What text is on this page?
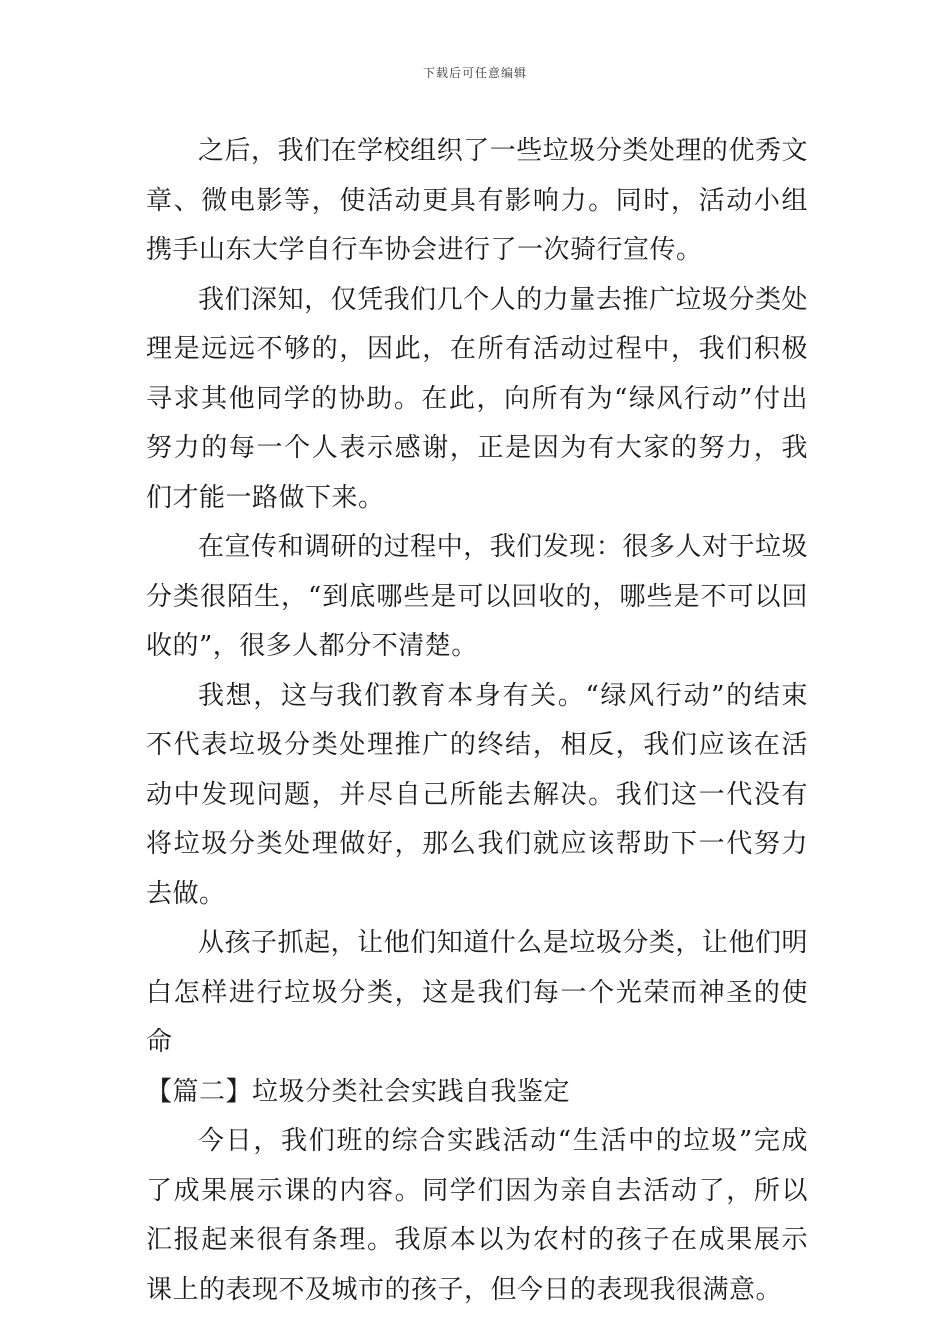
下载后可任意编辑

之后，我们在学校组织了一些垃圾分类处理的优秀文章、微电影等，使活动更具有影响力。同时，活动小组携手山东大学自行车协会进行了一次骑行宣传。

我们深知，仅凭我们几个人的力量去推广垃圾分类处理是远远不够的，因此，在所有活动过程中，我们积极寻求其他同学的协助。在此，向所有为“绿风行动”付出努力的每一个人表示感谢，正是因为有大家的努力，我们才能一路做下来。

在宣传和调研的过程中，我们发现：很多人对于垃圾分类很陌生，“到底哪些是可以回收的，哪些是不可以回收的”，很多人都分不清楚。

我想，这与我们教育本身有关。“绿风行动”的结束不代表垃圾分类处理推广的终结，相反，我们应该在活动中发现问题，并尽自己所能去解决。我们这一代没有将垃圾分类处理做好，那么我们就应该帮助下一代努力去做。

从孩子抓起，让他们知道什么是垃圾分类，让他们明白怎样进行垃圾分类，这是我们每一个光荣而神圣的使命

【篇二】垃圾分类社会实践自我鉴定

今日，我们班的综合实践活动“生活中的垃圾”完成了成果展示课的内容。同学们因为亲自去活动了，所以汇报起来很有条理。我原本以为农村的孩子在成果展示课上的表现不及城市的孩子，但今日的表现我很满意。
